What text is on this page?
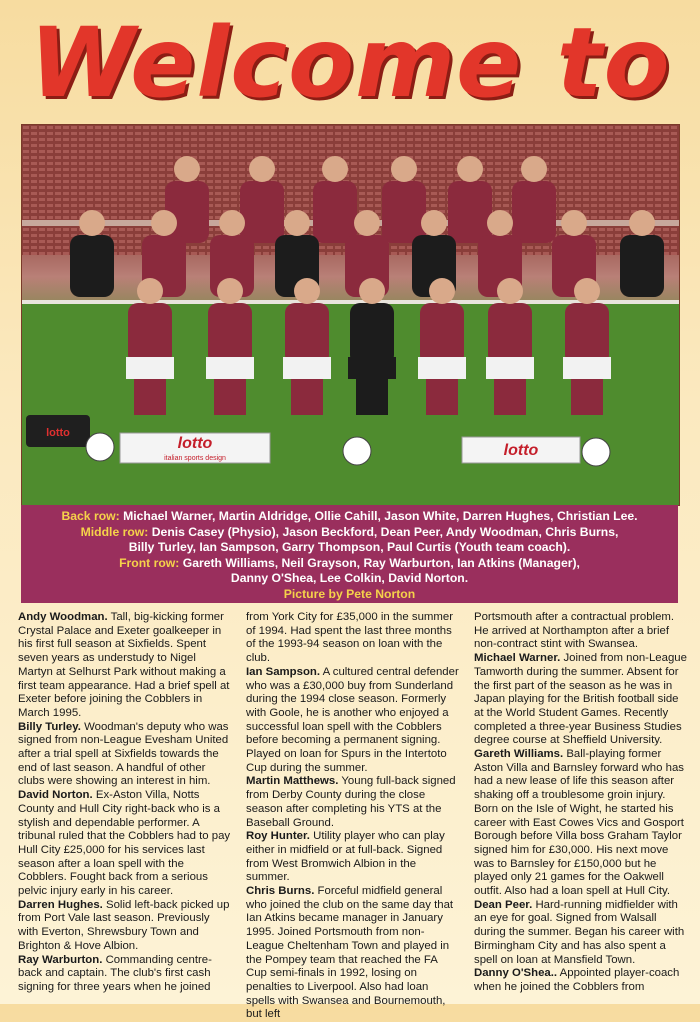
Welcome to
lotto
italian sports design	lotto
lotto
Back row: Michael Warner, Martin Aldridge, Ollie Cahill, Jason White, Darren Hughes, Christian Lee.
Middle row: Denis Casey (Physio), Jason Beckford, Dean Peer, Andy Woodman, Chris Burns,
Billy Turley, Ian Sampson, Garry Thompson, Paul Curtis (Youth team coach).
Front row: Gareth Williams, Neil Grayson, Ray Warburton, Ian Atkins (Manager),
Danny O'Shea, Lee Colkin, David Norton.
Picture by Pete Norton

Andy Woodman. Tall, big-kicking former Crystal Palace and Exeter goalkeeper in his first full season at Sixfields. Spent seven years as understudy to Nigel Martyn at Selhurst Park without making a first team appearance. Had a brief spell at Exeter before joining the Cobblers in March 1995.

Billy Turley. Woodman's deputy who was signed from non-League Evesham United after a trial spell at Sixfields towards the end of last season. A handful of other clubs were showing an interest in him.

David Norton. Ex-Aston Villa, Notts County and Hull City right-back who is a stylish and dependable performer. A tribunal ruled that the Cobblers had to pay Hull City £25,000 for his services last season after a loan spell with the Cobblers. Fought back from a serious pelvic injury early in his career.

Darren Hughes. Solid left-back picked up from Port Vale last season. Previously with Everton, Shrewsbury Town and Brighton & Hove Albion.

Ray Warburton. Commanding centre-back and captain. The club's first cash signing for three years when he joined

from York City for £35,000 in the summer of 1994. Had spent the last three months of the 1993-94 season on loan with the club.

Ian Sampson. A cultured central defender who was a £30,000 buy from Sunderland during the 1994 close season. Formerly with Goole, he is another who enjoyed a successful loan spell with the Cobblers before becoming a permanent signing. Played on loan for Spurs in the Intertoto Cup during the summer.

Martin Matthews. Young full-back signed from Derby County during the close season after completing his YTS at the Baseball Ground.

Roy Hunter. Utility player who can play either in midfield or at full-back. Signed from West Bromwich Albion in the summer.

Chris Burns. Forceful midfield general who joined the club on the same day that Ian Atkins became manager in January 1995. Joined Portsmouth from non-League Cheltenham Town and played in the Pompey team that reached the FA Cup semi-finals in 1992, losing on penalties to Liverpool. Also had loan spells with Swansea and Bournemouth, but left

Portsmouth after a contractual problem. He arrived at Northampton after a brief non-contract stint with Swansea.

Michael Warner. Joined from non-League Tamworth during the summer. Absent for the first part of the season as he was in Japan playing for the British football side at the World Student Games. Recently completed a three-year Business Studies degree course at Sheffield University.

Gareth Williams. Ball-playing former Aston Villa and Barnsley forward who has had a new lease of life this season after shaking off a troublesome groin injury. Born on the Isle of Wight, he started his career with East Cowes Vics and Gosport Borough before Villa boss Graham Taylor signed him for £30,000. His next move was to Barnsley for £150,000 but he played only 21 games for the Oakwell outfit. Also had a loan spell at Hull City.

Dean Peer. Hard-running midfielder with an eye for goal. Signed from Walsall during the summer. Began his career with Birmingham City and has also spent a spell on loan at Mansfield Town.

Danny O'Shea.. Appointed player-coach when he joined the Cobblers from
